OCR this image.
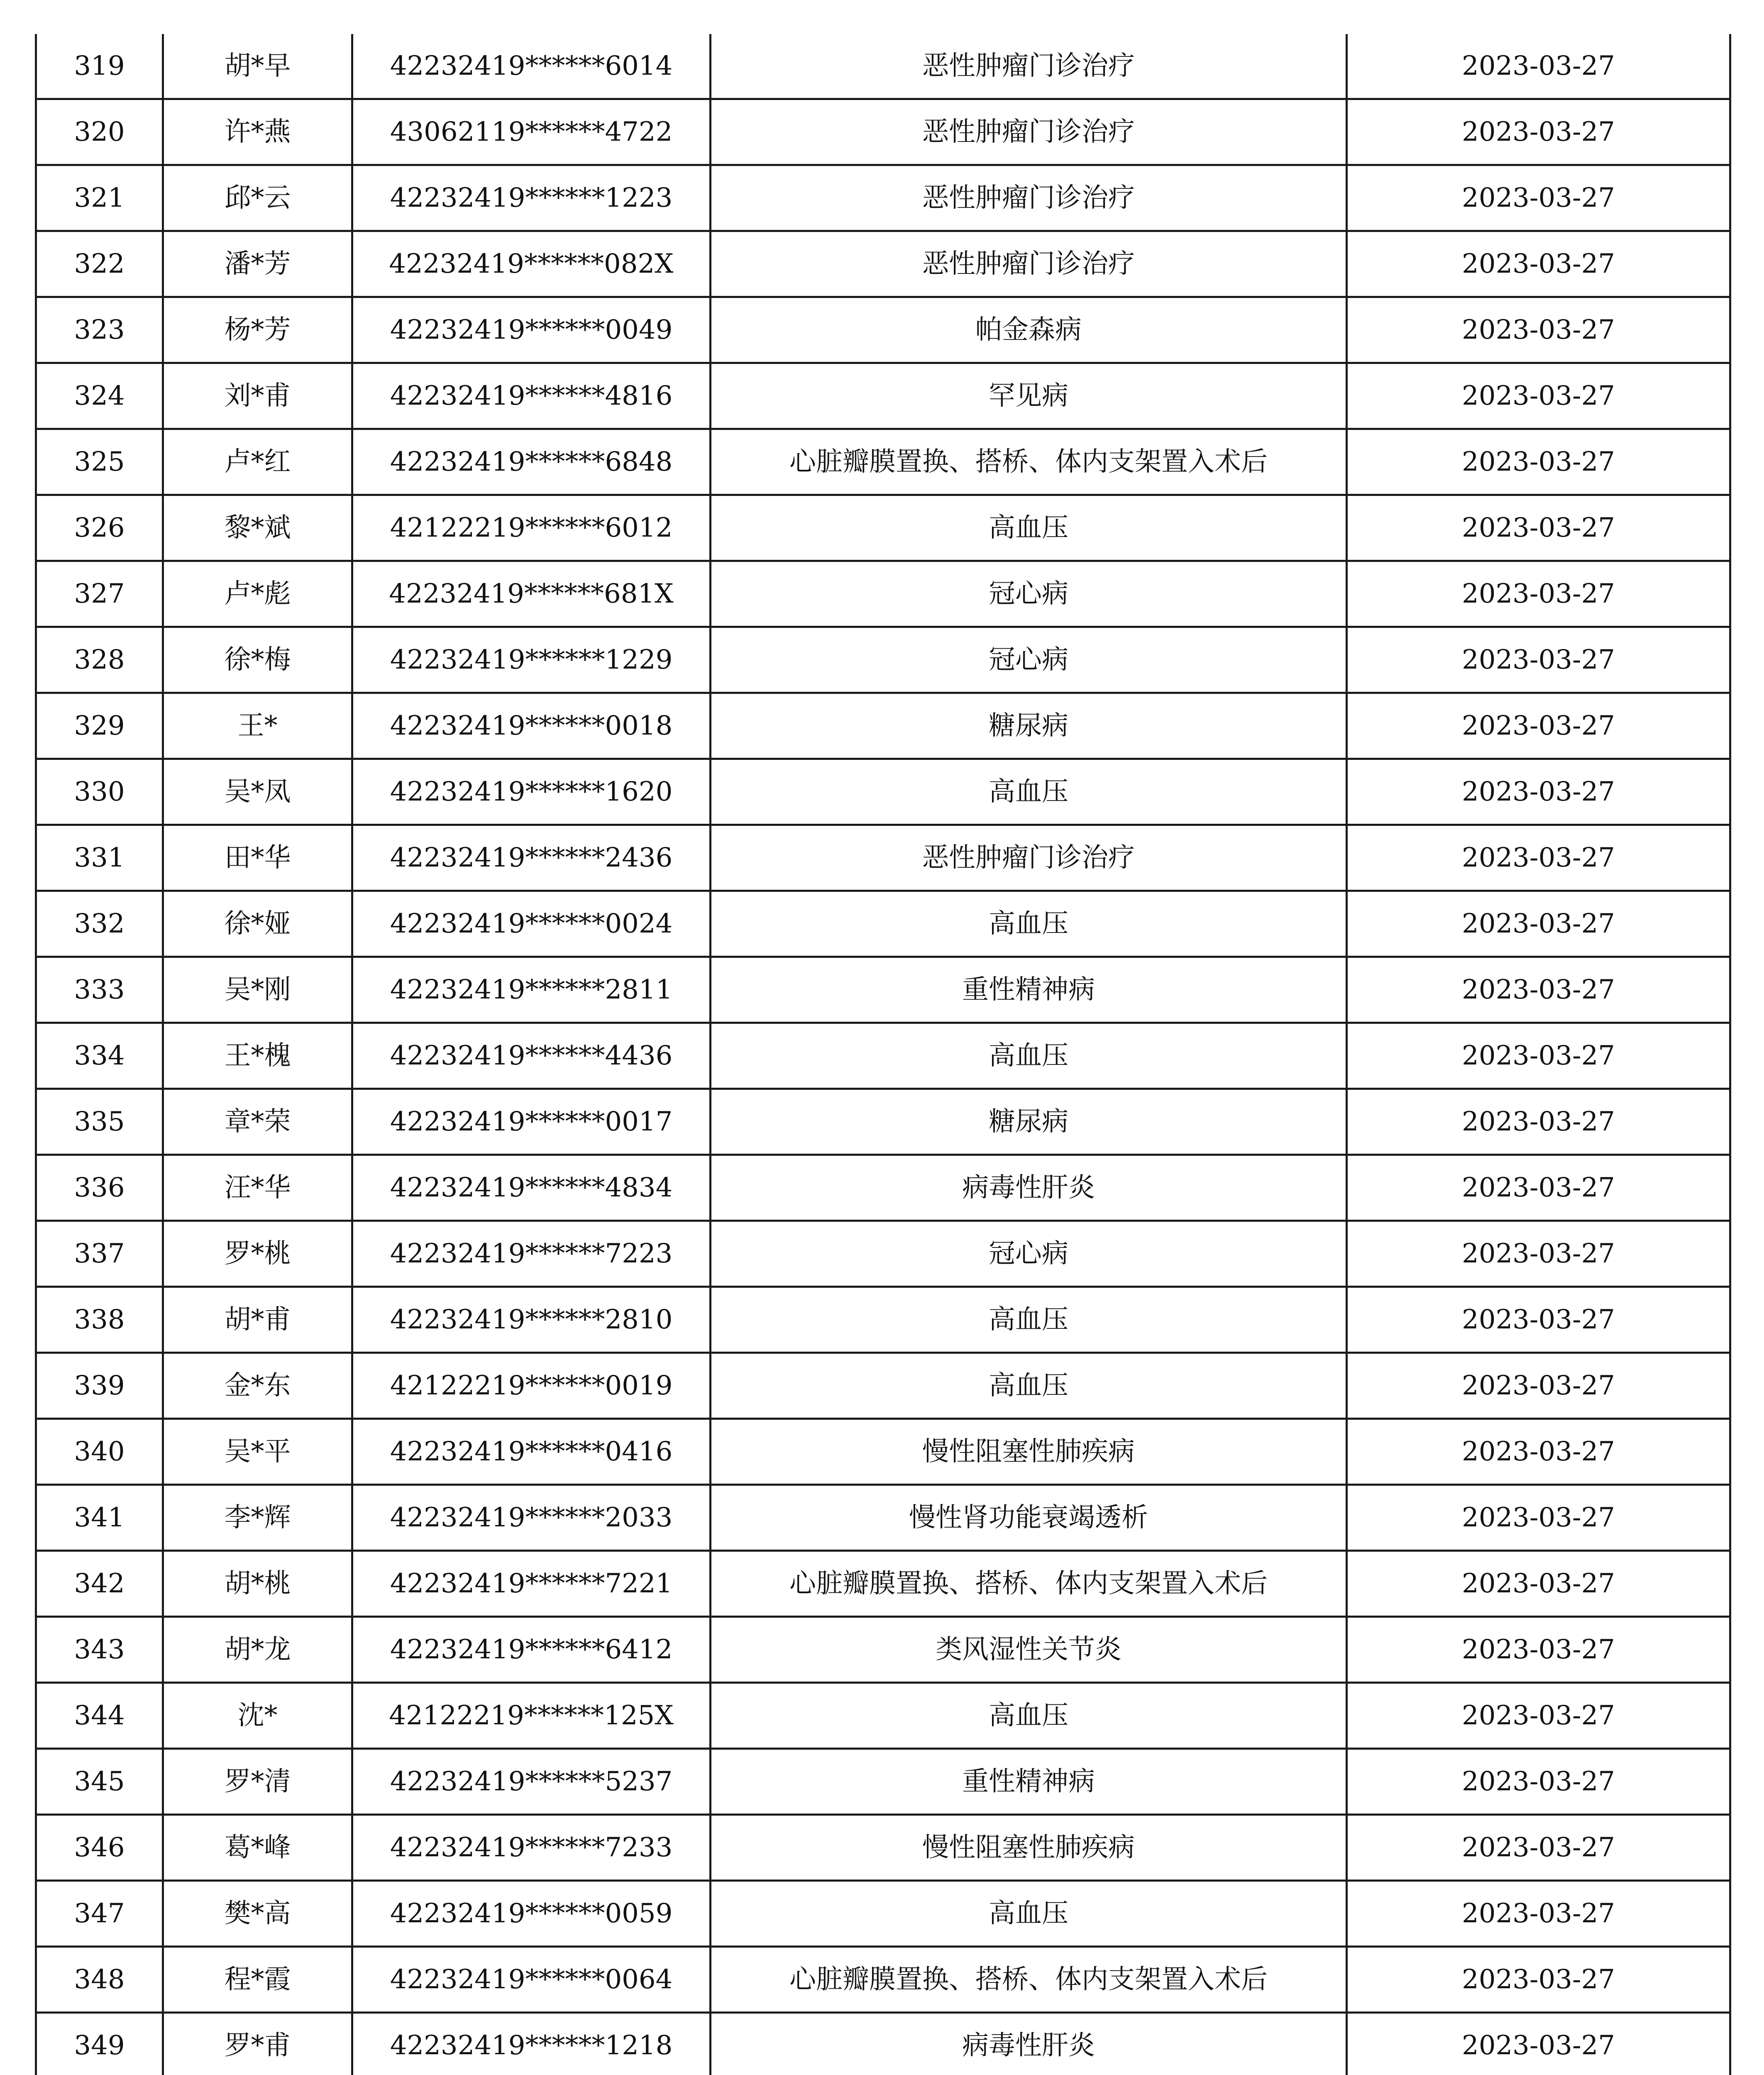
319	胡*早	42232419******6014	恶性肿瘤门诊治疗	2023-03-27
320	许*燕	43062119******4722	恶性肿瘤门诊治疗	2023-03-27
321	邱*云	42232419******1223	恶性肿瘤门诊治疗	2023-03-27
322	潘*芳	42232419******082X	恶性肿瘤门诊治疗	2023-03-27
323	杨*芳	42232419******0049	帕金森病	2023-03-27
324	刘*甫	42232419******4816	罕见病	2023-03-27
325	卢*红	42232419******6848	心脏瓣膜置换、搭桥、体内支架置入术后	2023-03-27
326	黎*斌	42122219******6012	高血压	2023-03-27
327	卢*彪	42232419******681X	冠心病	2023-03-27
328	徐*梅	42232419******1229	冠心病	2023-03-27
329	王*	42232419******0018	糖尿病	2023-03-27
330	吴*凤	42232419******1620	高血压	2023-03-27
331	田*华	42232419******2436	恶性肿瘤门诊治疗	2023-03-27
332	徐*娅	42232419******0024	高血压	2023-03-27
333	吴*刚	42232419******2811	重性精神病	2023-03-27
334	王*槐	42232419******4436	高血压	2023-03-27
335	章*荣	42232419******0017	糖尿病	2023-03-27
336	汪*华	42232419******4834	病毒性肝炎	2023-03-27
337	罗*桃	42232419******7223	冠心病	2023-03-27
338	胡*甫	42232419******2810	高血压	2023-03-27
339	金*东	42122219******0019	高血压	2023-03-27
340	吴*平	42232419******0416	慢性阻塞性肺疾病	2023-03-27
341	李*辉	42232419******2033	慢性肾功能衰竭透析	2023-03-27
342	胡*桃	42232419******7221	心脏瓣膜置换、搭桥、体内支架置入术后	2023-03-27
343	胡*龙	42232419******6412	类风湿性关节炎	2023-03-27
344	沈*	42122219******125X	高血压	2023-03-27
345	罗*清	42232419******5237	重性精神病	2023-03-27
346	葛*峰	42232419******7233	慢性阻塞性肺疾病	2023-03-27
347	樊*高	42232419******0059	高血压	2023-03-27
348	程*霞	42232419******0064	心脏瓣膜置换、搭桥、体内支架置入术后	2023-03-27
349	罗*甫	42232419******1218	病毒性肝炎	2023-03-27
